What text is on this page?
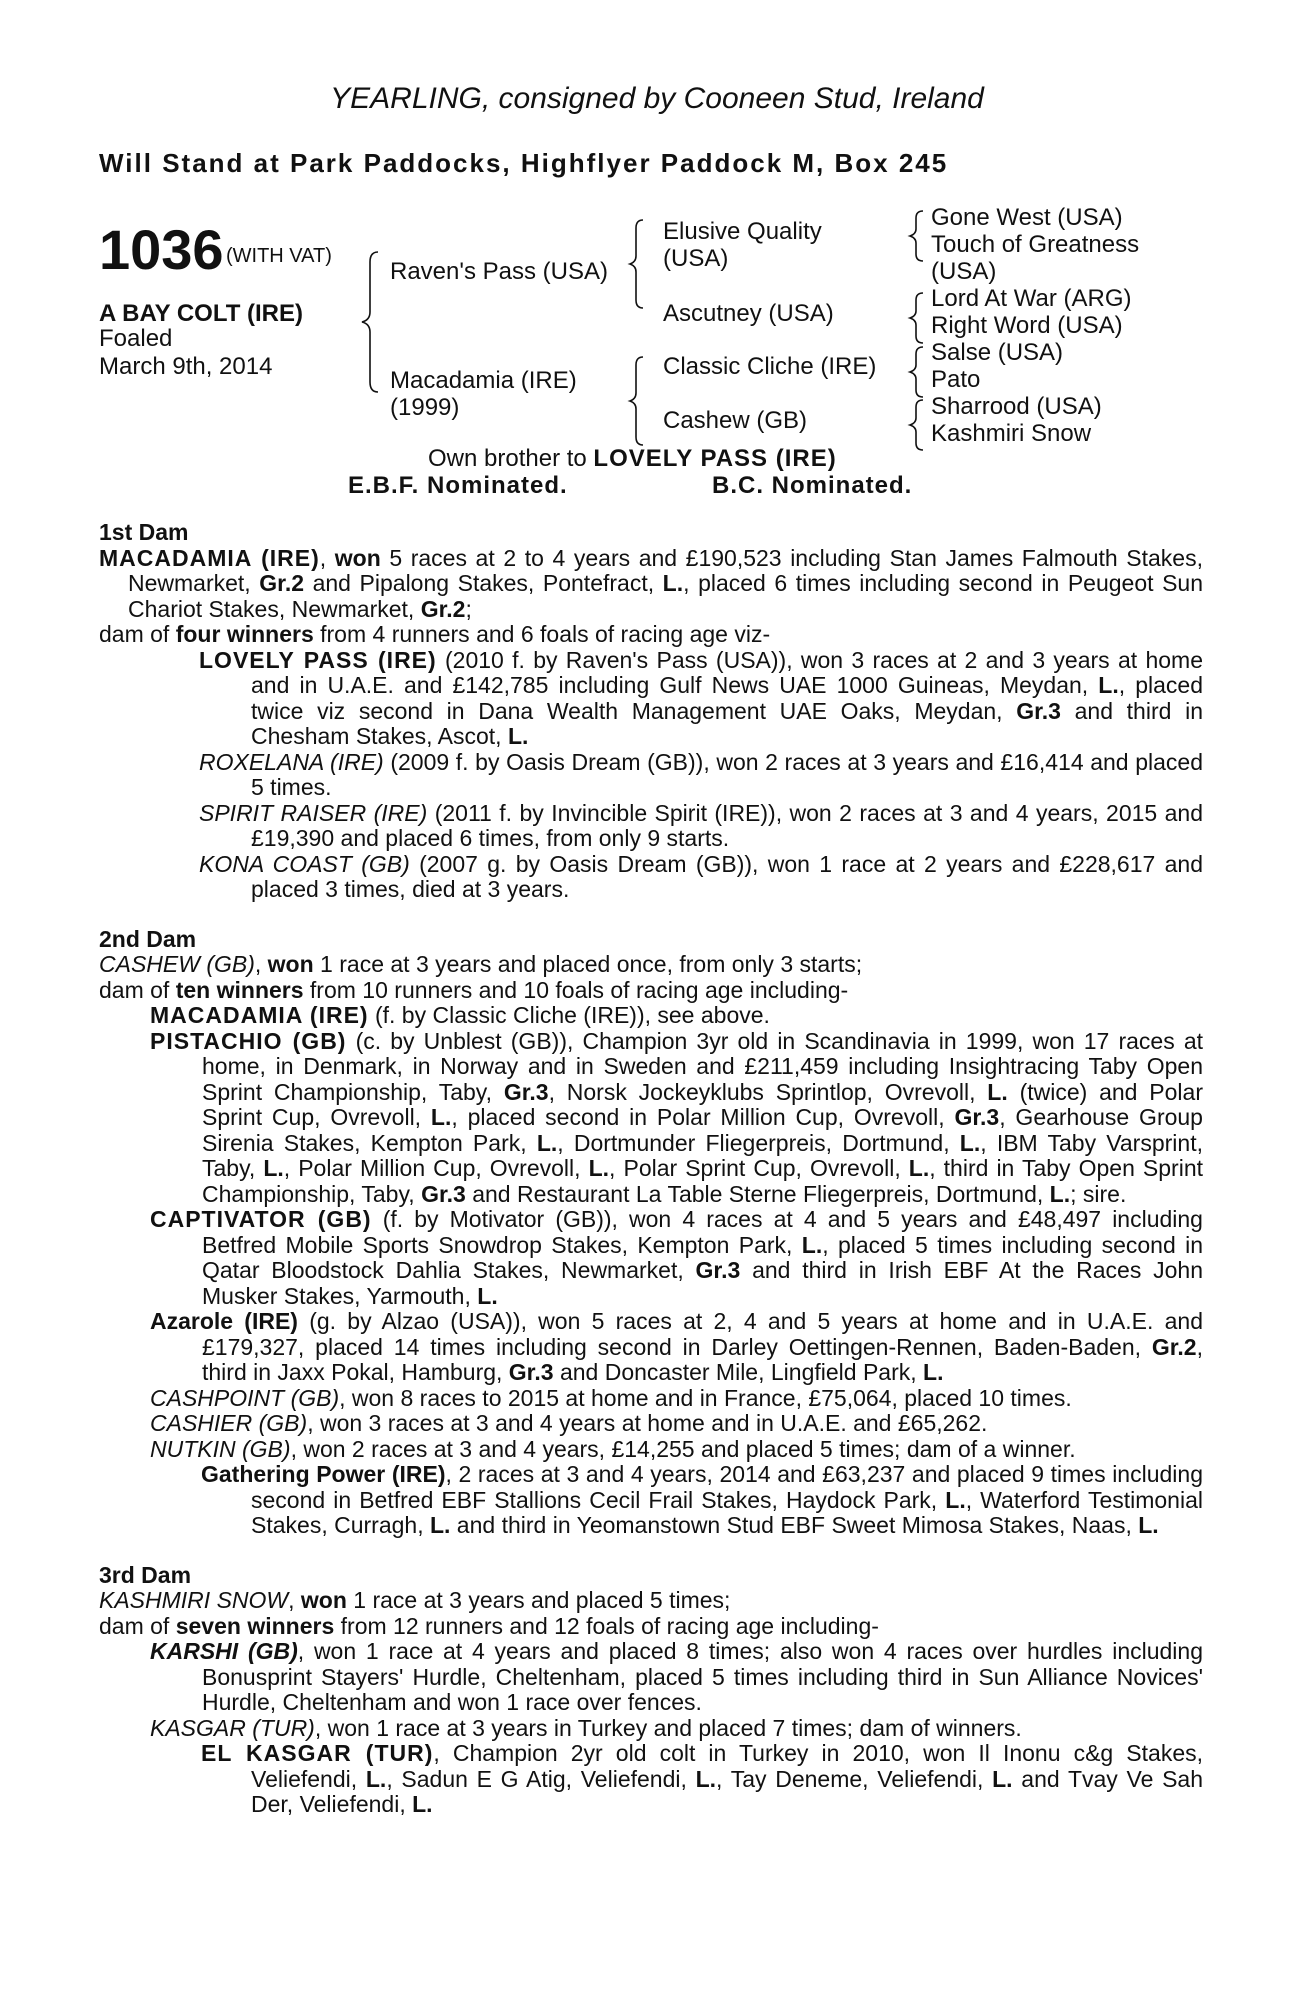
YEARLING, consigned by Cooneen Stud, Ireland
Will Stand at Park Paddocks, Highflyer Paddock M, Box 245
1036 (WITH VAT)
A BAY COLT (IRE)
Foaled
March 9th, 2014
Raven's Pass (USA)
Macadamia (IRE)
(1999)
Elusive Quality
(USA)
Ascutney (USA)
Classic Cliche (IRE)
Cashew (GB)
Gone West (USA)
Touch of Greatness
(USA)
Lord At War (ARG)
Right Word (USA)
Salse (USA)
Pato
Sharrood (USA)
Kashmiri Snow
Own brother to LOVELY PASS (IRE)
E.B.F. Nominated.	B.C. Nominated.
1st Dam

MACADAMIA (IRE), won 5 races at 2 to 4 years and £190,523 including Stan James Falmouth Stakes, Newmarket, Gr.2 and Pipalong Stakes, Pontefract, L., placed 6 times including second in Peugeot Sun Chariot Stakes, Newmarket, Gr.2;

dam of four winners from 4 runners and 6 foals of racing age viz-

LOVELY PASS (IRE) (2010 f. by Raven's Pass (USA)), won 3 races at 2 and 3 years at home and in U.A.E. and £142,785 including Gulf News UAE 1000 Guineas, Meydan, L., placed twice viz second in Dana Wealth Management UAE Oaks, Meydan, Gr.3 and third in Chesham Stakes, Ascot, L.

ROXELANA (IRE) (2009 f. by Oasis Dream (GB)), won 2 races at 3 years and £16,414 and placed 5 times.

SPIRIT RAISER (IRE) (2011 f. by Invincible Spirit (IRE)), won 2 races at 3 and 4 years, 2015 and £19,390 and placed 6 times, from only 9 starts.

KONA COAST (GB) (2007 g. by Oasis Dream (GB)), won 1 race at 2 years and £228,617 and placed 3 times, died at 3 years.

2nd Dam

CASHEW (GB), won 1 race at 3 years and placed once, from only 3 starts;

dam of ten winners from 10 runners and 10 foals of racing age including-

MACADAMIA (IRE) (f. by Classic Cliche (IRE)), see above.

PISTACHIO (GB) (c. by Unblest (GB)), Champion 3yr old in Scandinavia in 1999, won 17 races at home, in Denmark, in Norway and in Sweden and £211,459 including Insightracing Taby Open Sprint Championship, Taby, Gr.3, Norsk Jockeyklubs Sprintlop, Ovrevoll, L. (twice) and Polar Sprint Cup, Ovrevoll, L., placed second in Polar Million Cup, Ovrevoll, Gr.3, Gearhouse Group Sirenia Stakes, Kempton Park, L., Dortmunder Fliegerpreis, Dortmund, L., IBM Taby Varsprint, Taby, L., Polar Million Cup, Ovrevoll, L., Polar Sprint Cup, Ovrevoll, L., third in Taby Open Sprint Championship, Taby, Gr.3 and Restaurant La Table Sterne Fliegerpreis, Dortmund, L.; sire.

CAPTIVATOR (GB) (f. by Motivator (GB)), won 4 races at 4 and 5 years and £48,497 including Betfred Mobile Sports Snowdrop Stakes, Kempton Park, L., placed 5 times including second in Qatar Bloodstock Dahlia Stakes, Newmarket, Gr.3 and third in Irish EBF At the Races John Musker Stakes, Yarmouth, L.

Azarole (IRE) (g. by Alzao (USA)), won 5 races at 2, 4 and 5 years at home and in U.A.E. and £179,327, placed 14 times including second in Darley Oettingen-Rennen, Baden-Baden, Gr.2, third in Jaxx Pokal, Hamburg, Gr.3 and Doncaster Mile, Lingfield Park, L.

CASHPOINT (GB), won 8 races to 2015 at home and in France, £75,064, placed 10 times.

CASHIER (GB), won 3 races at 3 and 4 years at home and in U.A.E. and £65,262.

NUTKIN (GB), won 2 races at 3 and 4 years, £14,255 and placed 5 times; dam of a winner.

Gathering Power (IRE), 2 races at 3 and 4 years, 2014 and £63,237 and placed 9 times including second in Betfred EBF Stallions Cecil Frail Stakes, Haydock Park, L., Waterford Testimonial Stakes, Curragh, L. and third in Yeomanstown Stud EBF Sweet Mimosa Stakes, Naas, L.

3rd Dam

KASHMIRI SNOW, won 1 race at 3 years and placed 5 times;

dam of seven winners from 12 runners and 12 foals of racing age including-

KARSHI (GB), won 1 race at 4 years and placed 8 times; also won 4 races over hurdles including Bonusprint Stayers' Hurdle, Cheltenham, placed 5 times including third in Sun Alliance Novices' Hurdle, Cheltenham and won 1 race over fences.

KASGAR (TUR), won 1 race at 3 years in Turkey and placed 7 times; dam of winners.

EL KASGAR (TUR), Champion 2yr old colt in Turkey in 2010, won Il Inonu c&g Stakes, Veliefendi, L., Sadun E G Atig, Veliefendi, L., Tay Deneme, Veliefendi, L. and Tvay Ve Sah Der, Veliefendi, L.
